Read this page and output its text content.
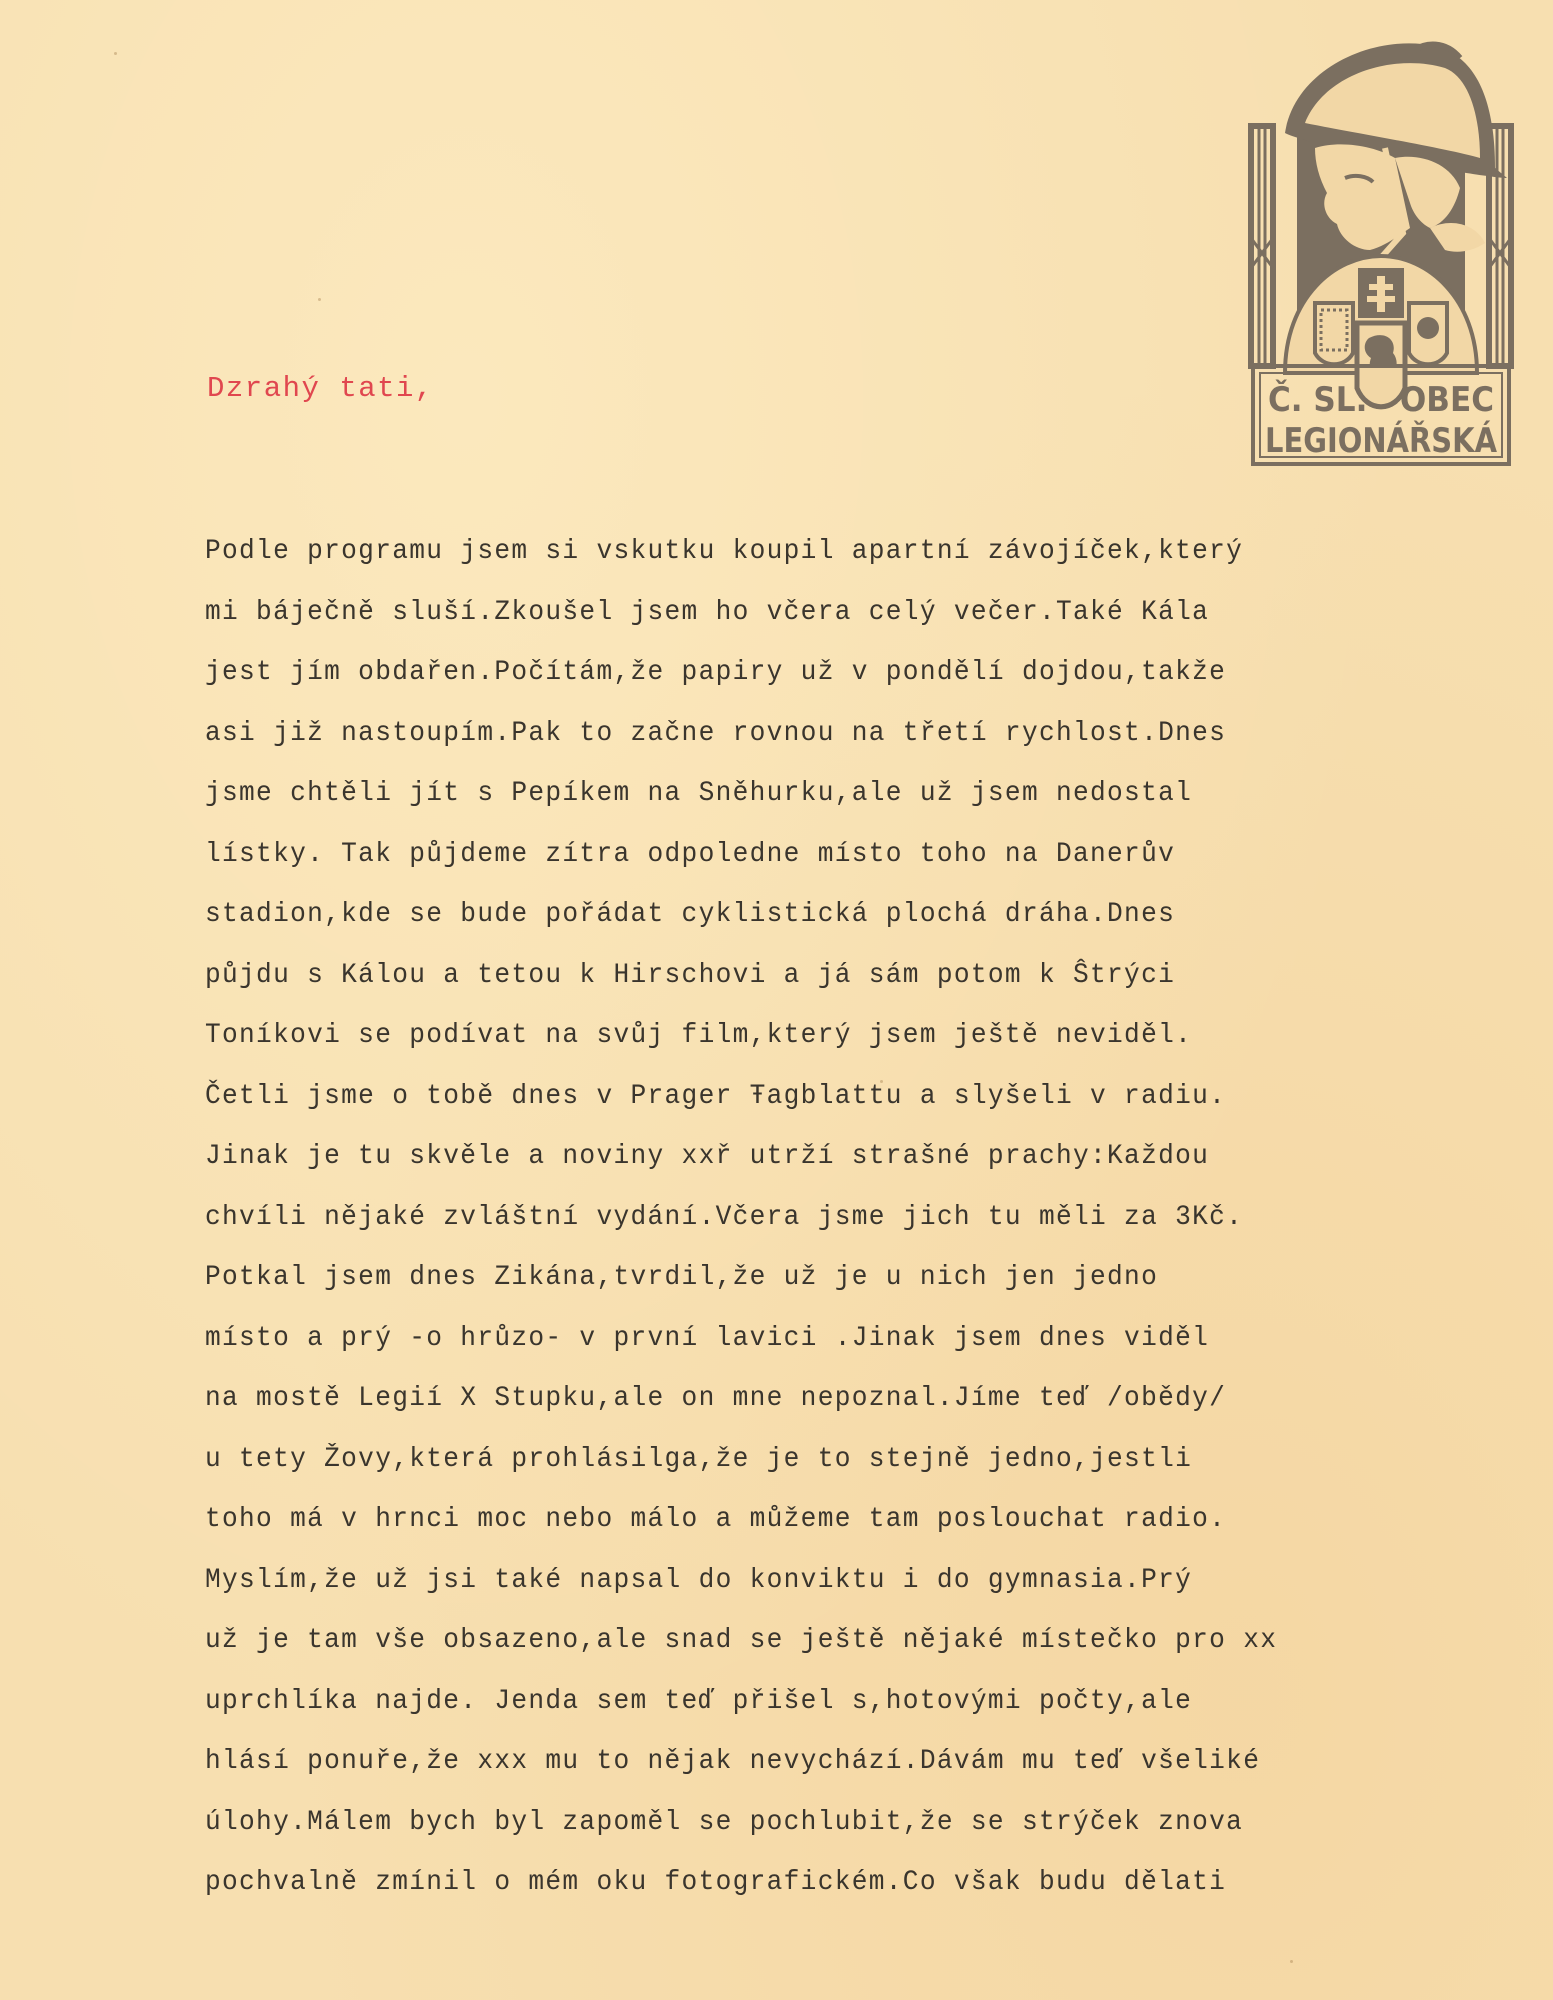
Č. SL.   OBEC
LEGIONÁŘSKÁ
Dzrahý tati,
Podle programu jsem si vskutku koupil apartní závojíček,který
mi báječně sluší.Zkoušel jsem ho včera celý večer.Také Kála
jest jím obdařen.Počítám,že papiry už v pondělí dojdou,takže
asi již nastoupím.Pak to začne rovnou na třetí rychlost.Dnes
jsme chtěli jít s Pepíkem na Sněhurku,ale už jsem nedostal
lístky. Tak půjdeme zítra odpoledne místo toho na Danerův
stadion,kde se bude pořádat cyklistická plochá dráha.Dnes
půjdu s Kálou a tetou k Hirschovi a já sám potom k Ŝtrýci
Toníkovi se podívat na svůj film,který jsem ještě neviděl.
Četli jsme o tobě dnes v Prager Ŧagblattu a slyšeli v radiu.
Jinak je tu skvěle a noviny xxř utrží strašné prachy:Každou
chvíli nějaké zvláštní vydání.Včera jsme jich tu měli za 3Kč.
Potkal jsem dnes Zikána,tvrdil,že už je u nich jen jedno
místo a prý -o hrůzo- v první lavici .Jinak jsem dnes viděl
na mostě Legií X Stupku,ale on mne nepoznal.Jíme teď /obědy/
u tety Žovy,která prohlásilga,že je to stejně jedno,jestli
toho má v hrnci moc nebo málo a můžeme tam poslouchat radio.
Myslím,že už jsi také napsal do konviktu i do gymnasia.Prý
už je tam vše obsazeno,ale snad se ještě nějaké místečko pro xx
uprchlíka najde. Jenda sem teď přišel s,hotovými počty,ale
hlásí ponuře,že xxx mu to nějak nevychází.Dávám mu teď všeliké
úlohy.Málem bych byl zapoměl se pochlubit,že se strýček znova
pochvalně zmínil o mém oku fotografickém.Co však budu dělati
